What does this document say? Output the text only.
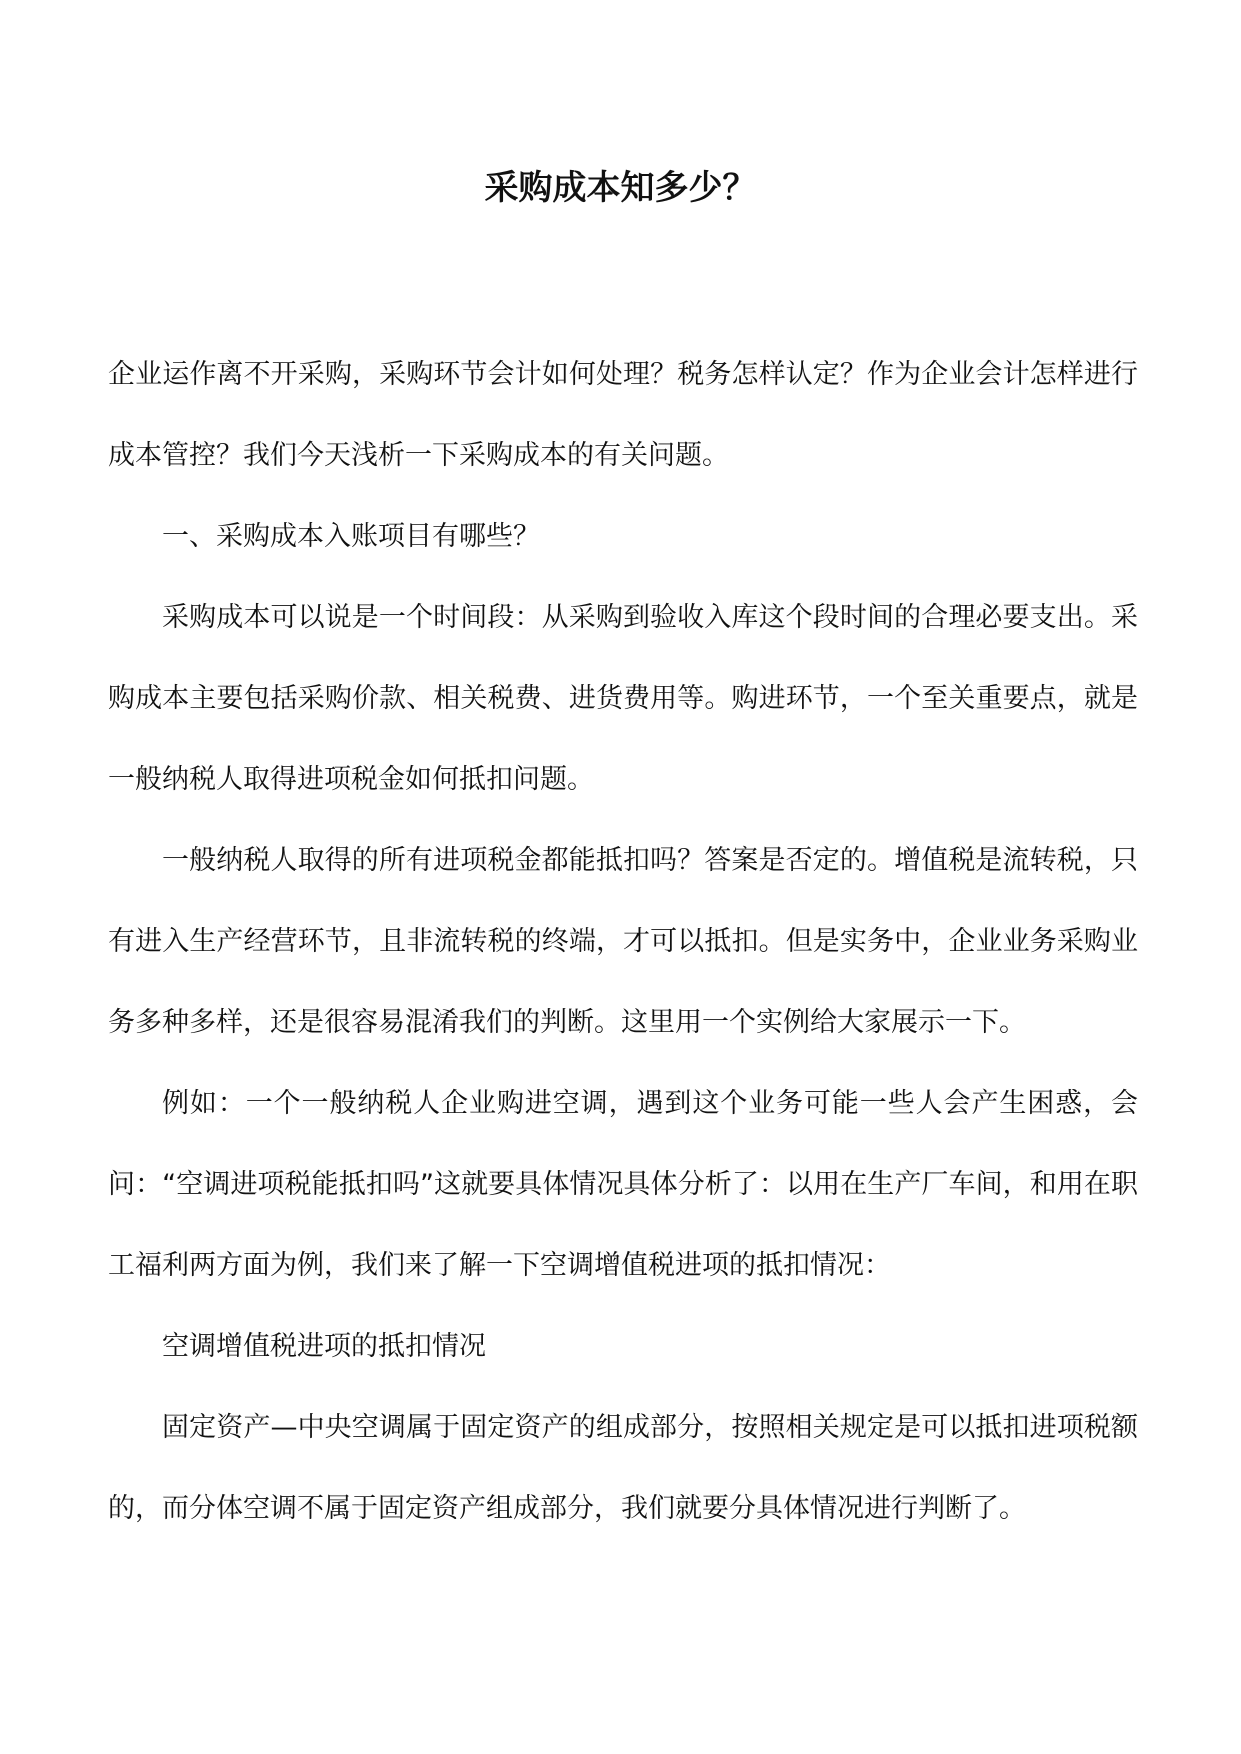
采购成本知多少？

企业运作离不开采购，采购环节会计如何处理？税务怎样认定？作为企业会计怎样进行成本管控？我们今天浅析一下采购成本的有关问题。

一、采购成本入账项目有哪些？

采购成本可以说是一个时间段：从采购到验收入库这个段时间的合理必要支出。采购成本主要包括采购价款、相关税费、进货费用等。购进环节，一个至关重要点，就是一般纳税人取得进项税金如何抵扣问题。

一般纳税人取得的所有进项税金都能抵扣吗？答案是否定的。增值税是流转税，只有进入生产经营环节，且非流转税的终端，才可以抵扣。但是实务中，企业业务采购业务多种多样，还是很容易混淆我们的判断。这里用一个实例给大家展示一下。

例如：一个一般纳税人企业购进空调，遇到这个业务可能一些人会产生困惑，会问：“空调进项税能抵扣吗”这就要具体情况具体分析了：以用在生产厂车间，和用在职工福利两方面为例，我们来了解一下空调增值税进项的抵扣情况：

空调增值税进项的抵扣情况

固定资产—中央空调属于固定资产的组成部分，按照相关规定是可以抵扣进项税额的，而分体空调不属于固定资产组成部分，我们就要分具体情况进行判断了。
